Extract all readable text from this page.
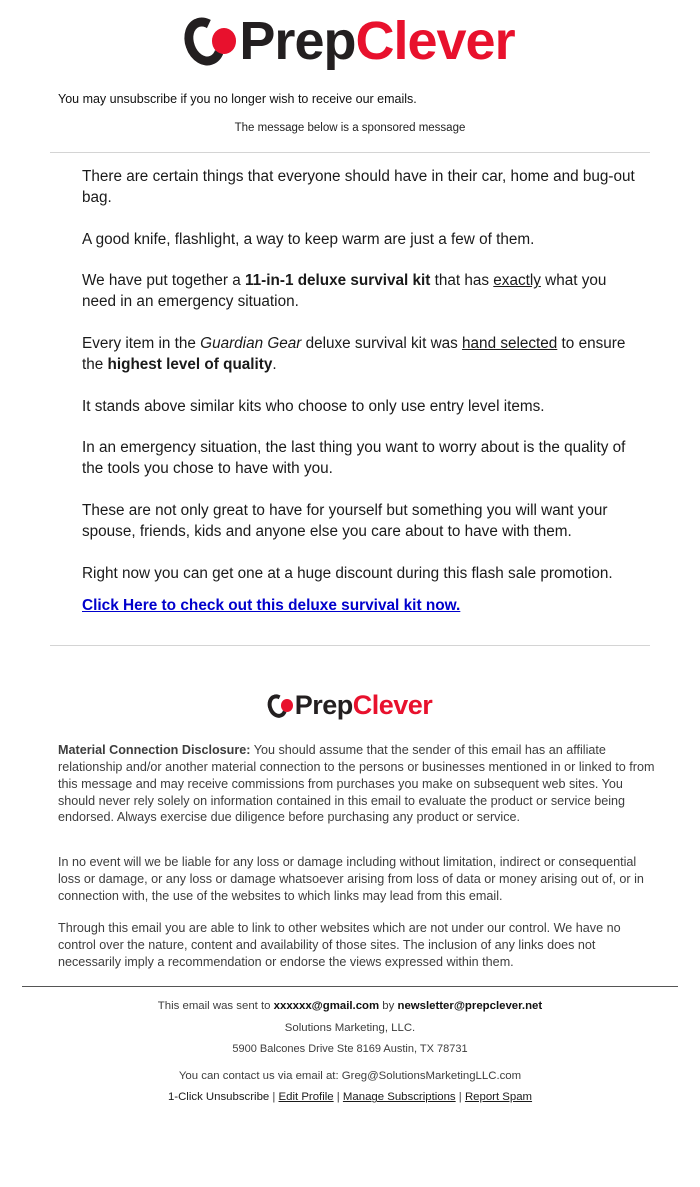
PrepClever
You may unsubscribe if you no longer wish to receive our emails.
The message below is a sponsored message

There are certain things that everyone should have in their car, home and bug-out bag.

A good knife, flashlight, a way to keep warm are just a few of them.

We have put together a 11-in-1 deluxe survival kit that has exactly what you need in an emergency situation.

Every item in the Guardian Gear deluxe survival kit was hand selected to ensure the highest level of quality.

It stands above similar kits who choose to only use entry level items.

In an emergency situation, the last thing you want to worry about is the quality of the tools you chose to have with you.

These are not only great to have for yourself but something you will want your spouse, friends, kids and anyone else you care about to have with them.

Right now you can get one at a huge discount during this flash sale promotion.

Click Here to check out this deluxe survival kit now.
PrepClever

Material Connection Disclosure: You should assume that the sender of this email has an affiliate relationship and/or another material connection to the persons or businesses mentioned in or linked to from this message and may receive commissions from purchases you make on subsequent web sites. You should never rely solely on information contained in this email to evaluate the product or service being endorsed. Always exercise due diligence before purchasing any product or service.

In no event will we be liable for any loss or damage including without limitation, indirect or consequential loss or damage, or any loss or damage whatsoever arising from loss of data or money arising out of, or in connection with, the use of the websites to which links may lead from this email.

Through this email you are able to link to other websites which are not under our control. We have no control over the nature, content and availability of those sites. The inclusion of any links does not necessarily imply a recommendation or endorse the views expressed within them.

This email was sent to xxxxxx@gmail.com by newsletter@prepclever.net

Solutions Marketing, LLC.

5900 Balcones Drive Ste 8169 Austin, TX 78731

You can contact us via email at: Greg@SolutionsMarketingLLC.com

1-Click Unsubscribe | Edit Profile | Manage Subscriptions | Report Spam
